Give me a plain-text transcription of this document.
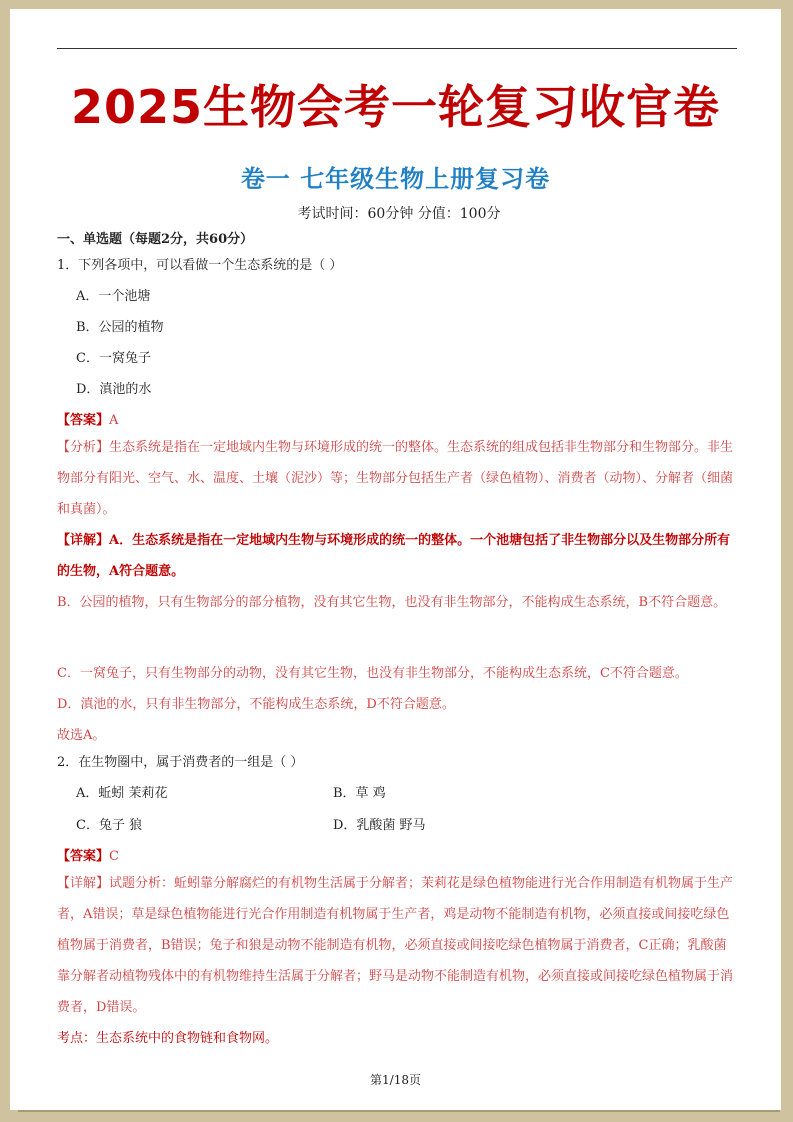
2025生物会考一轮复习收官卷
卷一 七年级生物上册复习卷
考试时间：60分钟 分值：100分
一、单选题（每题2分，共60分）
1．下列各项中，可以看做一个生态系统的是（ ）
A．一个池塘
B．公园的植物
C．一窝兔子
D．滇池的水
【答案】A
【分析】生态系统是指在一定地域内生物与环境形成的统一的整体。生态系统的组成包括非生物部分和生物部分。非生物部分有阳光、空气、水、温度、土壤（泥沙）等；生物部分包括生产者（绿色植物）、消费者（动物）、分解者（细菌和真菌）。
【详解】A．生态系统是指在一定地域内生物与环境形成的统一的整体。一个池塘包括了非生物部分以及生物部分所有的生物，A符合题意。
B．公园的植物，只有生物部分的部分植物，没有其它生物，也没有非生物部分，不能构成生态系统，B不符合题意。
C．一窝兔子，只有生物部分的动物，没有其它生物，也没有非生物部分，不能构成生态系统，C不符合题意。
D．滇池的水，只有非生物部分，不能构成生态系统，D不符合题意。
故选A。
2．在生物圈中，属于消费者的一组是（ ）
A．蚯蚓 茉莉花	B．草 鸡
C．兔子 狼	D．乳酸菌 野马
【答案】C
【详解】试题分析：蚯蚓靠分解腐烂的有机物生活属于分解者；茉莉花是绿色植物能进行光合作用制造有机物属于生产者，A错误；草是绿色植物能进行光合作用制造有机物属于生产者，鸡是动物不能制造有机物，必须直接或间接吃绿色植物属于消费者，B错误；兔子和狼是动物不能制造有机物，必须直接或间接吃绿色植物属于消费者，C正确；乳酸菌靠分解者动植物残体中的有机物维持生活属于分解者；野马是动物不能制造有机物，必须直接或间接吃绿色植物属于消费者，D错误。
考点：生态系统中的食物链和食物网。
第1/18页
